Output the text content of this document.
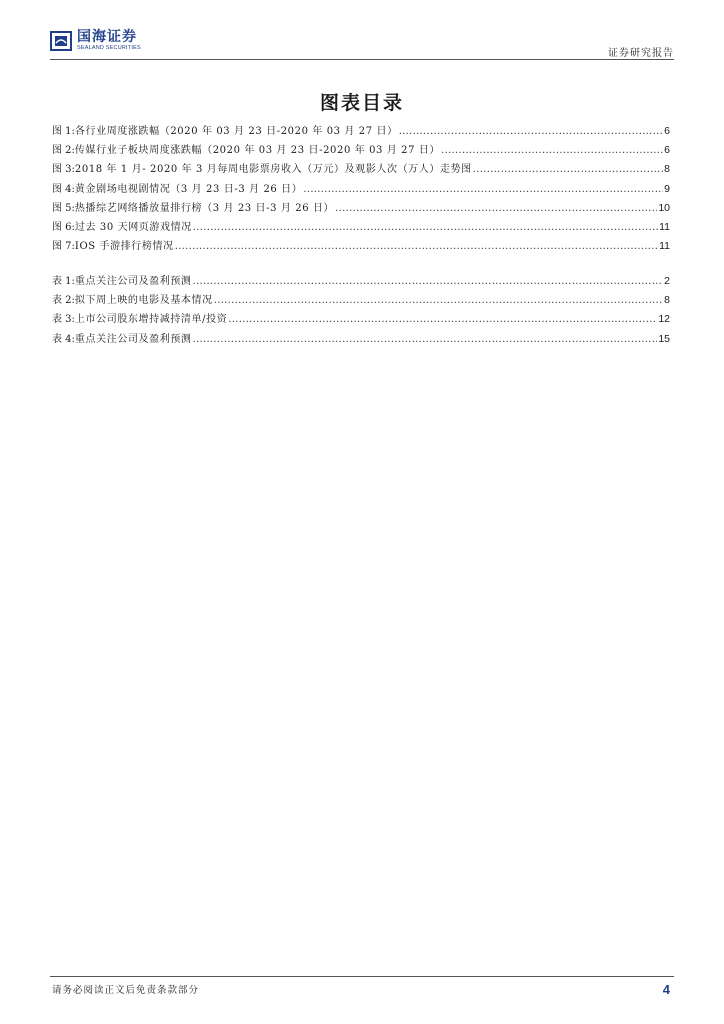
国海证券
SEALAND SECURITIES	证券研究报告
图表目录
图 1: 各行业周度涨跌幅（2020 年 03 月 23 日-2020 年 03 月 27 日） .....	6
图 2: 传媒行业子板块周度涨跌幅（2020 年 03 月 23 日-2020 年 03 月 27 日） .....	6
图 3: 2018 年 1 月- 2020 年 3 月每周电影票房收入（万元）及观影人次（万人）走势图 .....	8
图 4: 黄金剧场电视剧情况（3 月 23 日-3 月 26 日） .....	9
图 5: 热播综艺网络播放量排行榜（3 月 23 日-3 月 26 日） .....	10
图 6: 过去 30 天网页游戏情况 .....	11
图 7: IOS 手游排行榜情况 .....	11
表 1: 重点关注公司及盈利预测 .....	2
表 2: 拟下周上映的电影及基本情况 .....	8
表 3: 上市公司股东增持减持清单/投资 .....	12
表 4: 重点关注公司及盈利预测 .....	15
请务必阅读正文后免责条款部分	4
